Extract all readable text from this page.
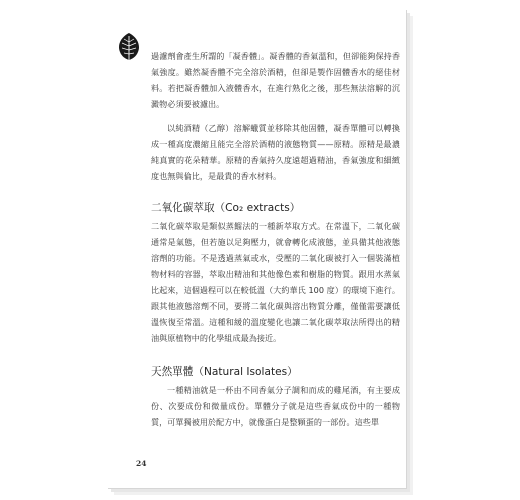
過濾劑會產生所謂的「凝香體」。凝香體的香氣溫和，但卻能夠保持香氣強度。雖然凝香體不完全溶於酒精，但卻是製作固體香水的絕佳材料。若把凝香體加入液體香水，在進行熟化之後，那些無法溶解的沉澱物必須要被濾出。

以純酒精（乙醇）溶解蠟質並移除其他固體，凝香單體可以轉換成一種高度濃縮且能完全溶於酒精的液態物質——原精。原精是最濃純真實的花朵精華。原精的香氣持久度遠超過精油，香氣強度和細緻度也無與倫比，是最貴的香水材料。

二氧化碳萃取（Co₂ extracts）

二氧化碳萃取是類似蒸餾法的一種新萃取方式。在常溫下，二氧化碳通常是氣態，但若施以足夠壓力，就會轉化成液態，並具備其他液態溶劑的功能。不是透過蒸氣或水，受壓的二氧化碳被打入一個裝滿植物材料的容器，萃取出精油和其他像色素和樹脂的物質。跟用水蒸氣比起來，這個過程可以在較低溫（大約華氏 100 度）的環境下進行。跟其他液態溶劑不同，要將二氧化碳與溶出物質分離，僅僅需要讓低溫恢復至常溫。這種和緩的溫度變化也讓二氧化碳萃取法所得出的精油與原植物中的化學組成最為接近。

天然單體（Natural Isolates）

一種精油就是一杯由不同香氣分子調和而成的雞尾酒，有主要成份、次要成份和微量成份。單體分子就是這些香氣成份中的一種物質，可單獨被用於配方中，就像蛋白是整顆蛋的一部份。這些單

24
